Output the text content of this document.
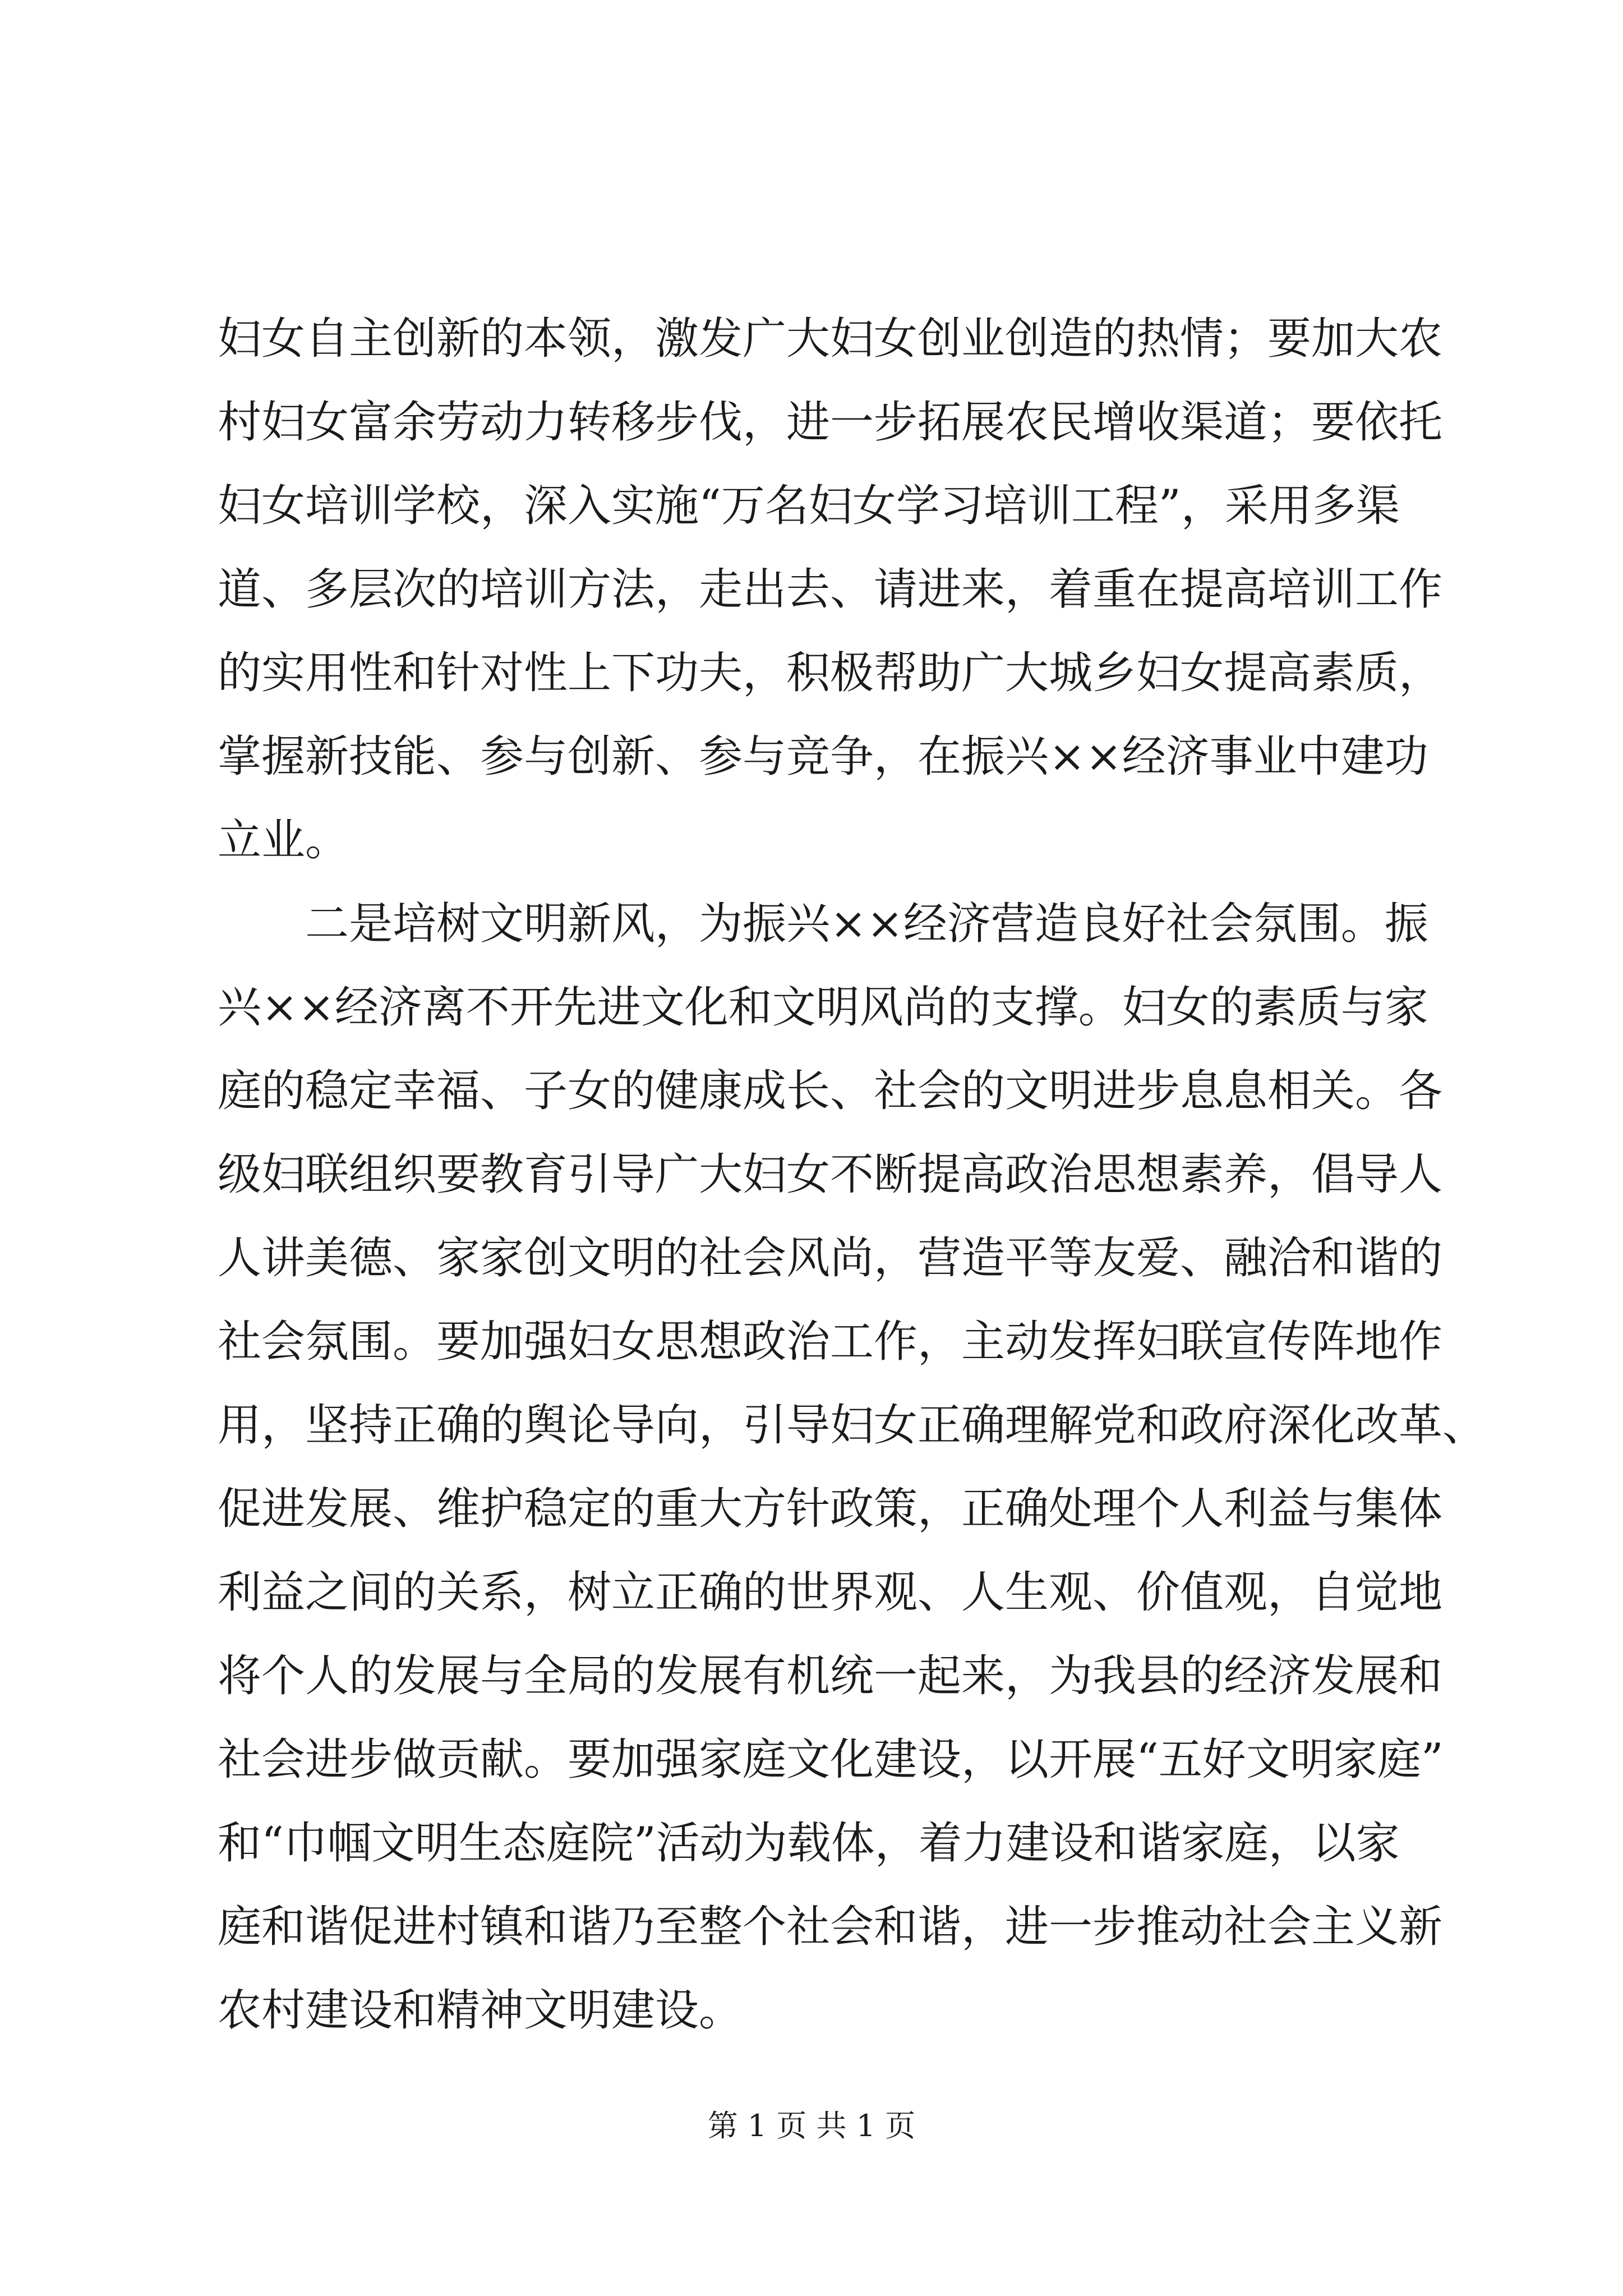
妇女自主创新的本领，激发广大妇女创业创造的热情；要加大农
村妇女富余劳动力转移步伐，进一步拓展农民增收渠道；要依托
妇女培训学校，深入实施“万名妇女学习培训工程”，采用多渠
道、多层次的培训方法，走出去、请进来，着重在提高培训工作
的实用性和针对性上下功夫，积极帮助广大城乡妇女提高素质，
掌握新技能、参与创新、参与竞争，在振兴××经济事业中建功
立业。
二是培树文明新风，为振兴××经济营造良好社会氛围。振
兴××经济离不开先进文化和文明风尚的支撑。妇女的素质与家
庭的稳定幸福、子女的健康成长、社会的文明进步息息相关。各
级妇联组织要教育引导广大妇女不断提高政治思想素养，倡导人
人讲美德、家家创文明的社会风尚，营造平等友爱、融洽和谐的
社会氛围。要加强妇女思想政治工作，主动发挥妇联宣传阵地作
用，坚持正确的舆论导向，引导妇女正确理解党和政府深化改革、
促进发展、维护稳定的重大方针政策，正确处理个人利益与集体
利益之间的关系，树立正确的世界观、人生观、价值观，自觉地
将个人的发展与全局的发展有机统一起来，为我县的经济发展和
社会进步做贡献。要加强家庭文化建设，以开展“五好文明家庭”
和“巾帼文明生态庭院”活动为载体，着力建设和谐家庭，以家
庭和谐促进村镇和谐乃至整个社会和谐，进一步推动社会主义新
农村建设和精神文明建设。
第 1 页 共 1 页
